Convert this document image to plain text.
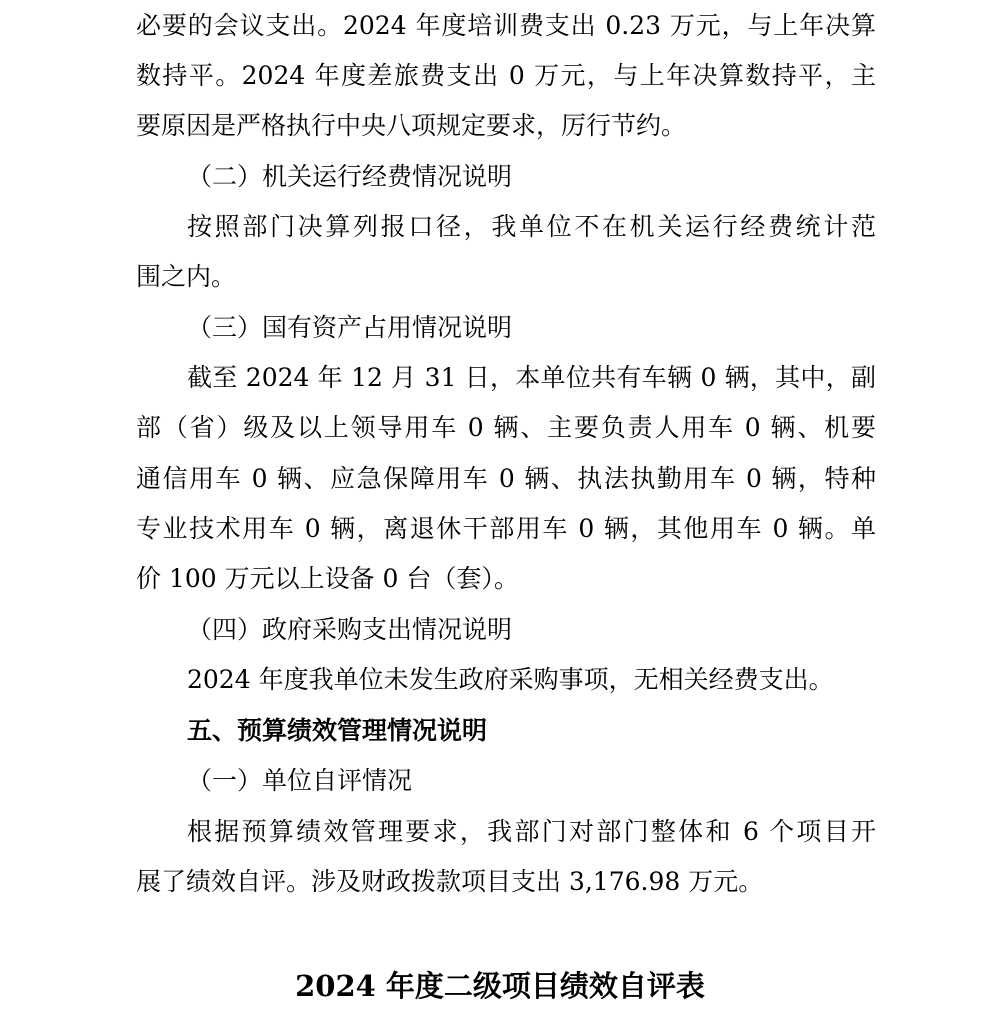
必要的会议支出。2024 年度培训费支出 0.23 万元，与上年决算
数持平。2024 年度差旅费支出 0 万元，与上年决算数持平，主
要原因是严格执行中央八项规定要求，厉行节约。
（二）机关运行经费情况说明
按照部门决算列报口径，我单位不在机关运行经费统计范
围之内。
（三）国有资产占用情况说明
截至 2024 年 12 月 31 日，本单位共有车辆 0 辆，其中，副
部（省）级及以上领导用车 0 辆、主要负责人用车 0 辆、机要
通信用车 0 辆、应急保障用车 0 辆、执法执勤用车 0 辆，特种
专业技术用车 0 辆，离退休干部用车 0 辆，其他用车 0 辆。单
价 100 万元以上设备 0 台（套）。
（四）政府采购支出情况说明
2024 年度我单位未发生政府采购事项，无相关经费支出。
五、预算绩效管理情况说明
（一）单位自评情况
根据预算绩效管理要求，我部门对部门整体和 6 个项目开
展了绩效自评。涉及财政拨款项目支出 3,176.98 万元。
2024 年度二级项目绩效自评表
